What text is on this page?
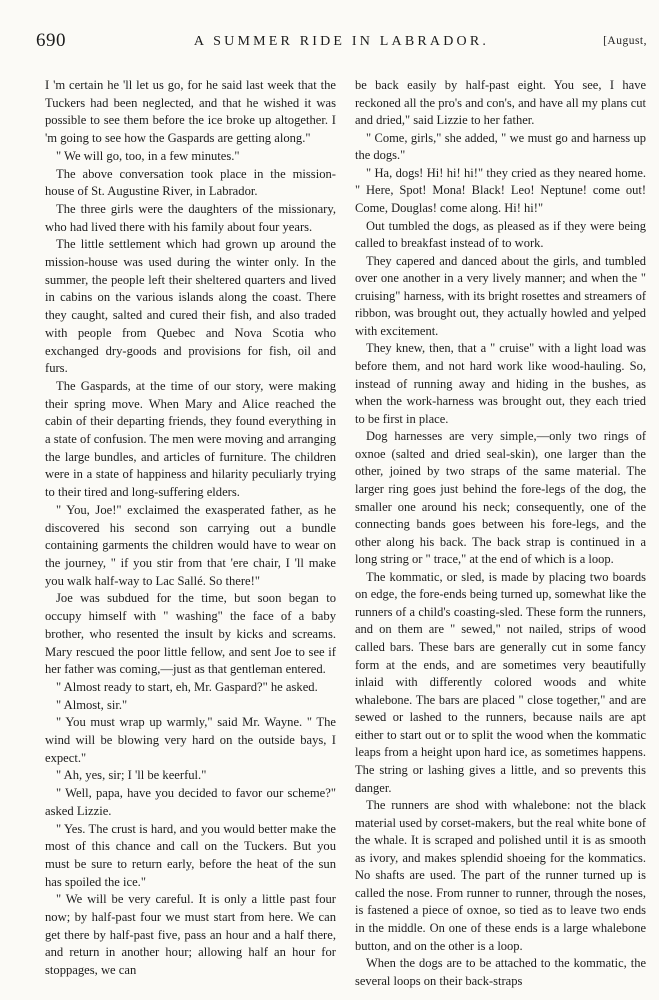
690	A SUMMER RIDE IN LABRADOR.	[August,

I 'm certain he 'll let us go, for he said last week that the Tuckers had been neglected, and that he wished it was possible to see them before the ice broke up altogether. I 'm going to see how the Gaspards are getting along."

" We will go, too, in a few minutes."

The above conversation took place in the mission-house of St. Augustine River, in Labrador.

The three girls were the daughters of the missionary, who had lived there with his family about four years.

The little settlement which had grown up around the mission-house was used during the winter only. In the summer, the people left their sheltered quarters and lived in cabins on the various islands along the coast. There they caught, salted and cured their fish, and also traded with people from Quebec and Nova Scotia who exchanged dry-goods and provisions for fish, oil and furs.

The Gaspards, at the time of our story, were making their spring move. When Mary and Alice reached the cabin of their departing friends, they found everything in a state of confusion. The men were moving and arranging the large bundles, and articles of furniture. The children were in a state of happiness and hilarity peculiarly trying to their tired and long-suffering elders.

" You, Joe!" exclaimed the exasperated father, as he discovered his second son carrying out a bundle containing garments the children would have to wear on the journey, " if you stir from that 'ere chair, I 'll make you walk half-way to Lac Sallé. So there!"

Joe was subdued for the time, but soon began to occupy himself with " washing" the face of a baby brother, who resented the insult by kicks and screams. Mary rescued the poor little fellow, and sent Joe to see if her father was coming,—just as that gentleman entered.

" Almost ready to start, eh, Mr. Gaspard?" he asked.

" Almost, sir."

" You must wrap up warmly," said Mr. Wayne. " The wind will be blowing very hard on the outside bays, I expect."

" Ah, yes, sir; I 'll be keerful."

" Well, papa, have you decided to favor our scheme?" asked Lizzie.

" Yes. The crust is hard, and you would better make the most of this chance and call on the Tuckers. But you must be sure to return early, before the heat of the sun has spoiled the ice."

" We will be very careful. It is only a little past four now; by half-past four we must start from here. We can get there by half-past five, pass an hour and a half there, and return in another hour; allowing half an hour for stoppages, we can

be back easily by half-past eight. You see, I have reckoned all the pro's and con's, and have all my plans cut and dried," said Lizzie to her father.

" Come, girls," she added, " we must go and harness up the dogs."

" Ha, dogs! Hi! hi! hi!" they cried as they neared home. " Here, Spot! Mona! Black! Leo! Neptune! come out! Come, Douglas! come along. Hi! hi!"

Out tumbled the dogs, as pleased as if they were being called to breakfast instead of to work.

They capered and danced about the girls, and tumbled over one another in a very lively manner; and when the " cruising" harness, with its bright rosettes and streamers of ribbon, was brought out, they actually howled and yelped with excitement.

They knew, then, that a " cruise" with a light load was before them, and not hard work like wood-hauling. So, instead of running away and hiding in the bushes, as when the work-harness was brought out, they each tried to be first in place.

Dog harnesses are very simple,—only two rings of oxnoe (salted and dried seal-skin), one larger than the other, joined by two straps of the same material. The larger ring goes just behind the fore-legs of the dog, the smaller one around his neck; consequently, one of the connecting bands goes between his fore-legs, and the other along his back. The back strap is continued in a long string or " trace," at the end of which is a loop.

The kommatic, or sled, is made by placing two boards on edge, the fore-ends being turned up, somewhat like the runners of a child's coasting-sled. These form the runners, and on them are " sewed," not nailed, strips of wood called bars. These bars are generally cut in some fancy form at the ends, and are sometimes very beautifully inlaid with differently colored woods and white whalebone. The bars are placed " close together," and are sewed or lashed to the runners, because nails are apt either to start out or to split the wood when the kommatic leaps from a height upon hard ice, as sometimes happens. The string or lashing gives a little, and so prevents this danger.

The runners are shod with whalebone: not the black material used by corset-makers, but the real white bone of the whale. It is scraped and polished until it is as smooth as ivory, and makes splendid shoeing for the kommatics. No shafts are used. The part of the runner turned up is called the nose. From runner to runner, through the noses, is fastened a piece of oxnoe, so tied as to leave two ends in the middle. On one of these ends is a large whalebone button, and on the other is a loop.

When the dogs are to be attached to the kommatic, the several loops on their back-straps
